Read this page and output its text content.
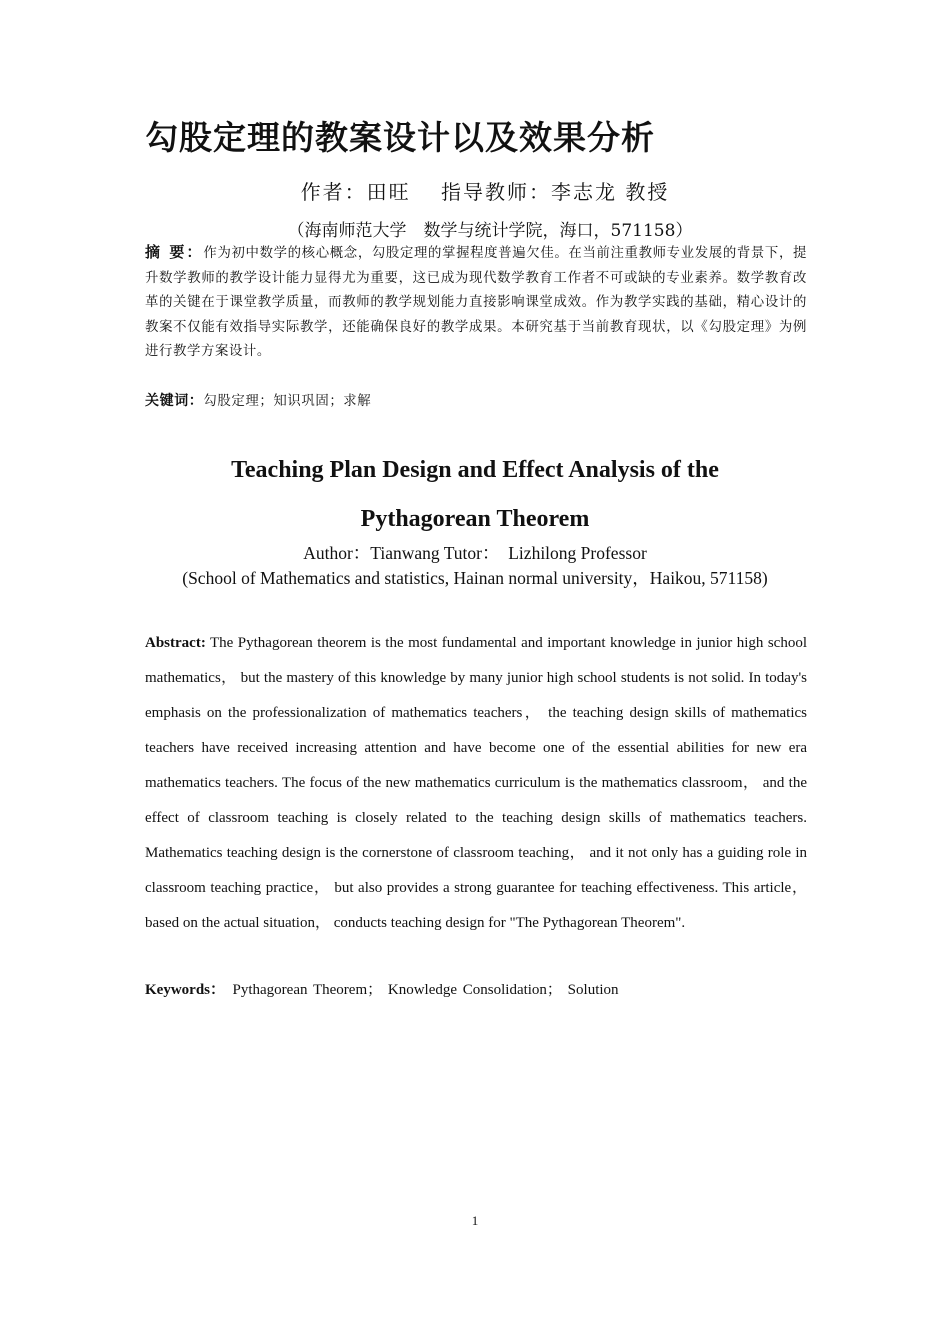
勾股定理的教案设计以及效果分析
作者：田旺　 指导教师：李志龙 教授
（海南师范大学　数学与统计学院，海口，571158）

摘 要：作为初中数学的核心概念，勾股定理的掌握程度普遍欠佳。在当前注重教师专业发展的背景下，提升数学教师的教学设计能力显得尤为重要，这已成为现代数学教育工作者不可或缺的专业素养。数学教育改革的关键在于课堂教学质量，而教师的教学规划能力直接影响课堂成效。作为教学实践的基础，精心设计的教案不仅能有效指导实际教学，还能确保良好的教学成果。本研究基于当前教育现状，以《勾股定理》为例进行教学方案设计。

关键词：勾股定理；知识巩固；求解
Teaching Plan Design and Effect Analysis of the
Pythagorean Theorem
Author：Tianwang Tutor：　Lizhilong Professor
(School of Mathematics and statistics, Hainan normal university，Haikou, 571158)

Abstract: The Pythagorean theorem is the most fundamental and important knowledge in junior high school mathematics， but the mastery of this knowledge by many junior high school students is not solid. In today's emphasis on the professionalization of mathematics teachers， the teaching design skills of mathematics teachers have received increasing attention and have become one of the essential abilities for new era mathematics teachers. The focus of the new mathematics curriculum is the mathematics classroom， and the effect of classroom teaching is closely related to the teaching design skills of mathematics teachers. Mathematics teaching design is the cornerstone of classroom teaching， and it not only has a guiding role in classroom teaching practice， but also provides a strong guarantee for teaching effectiveness. This article， based on the actual situation， conducts teaching design for "The Pythagorean Theorem".

Keywords：　 Pythagorean Theorem； Knowledge Consolidation； Solution
1
